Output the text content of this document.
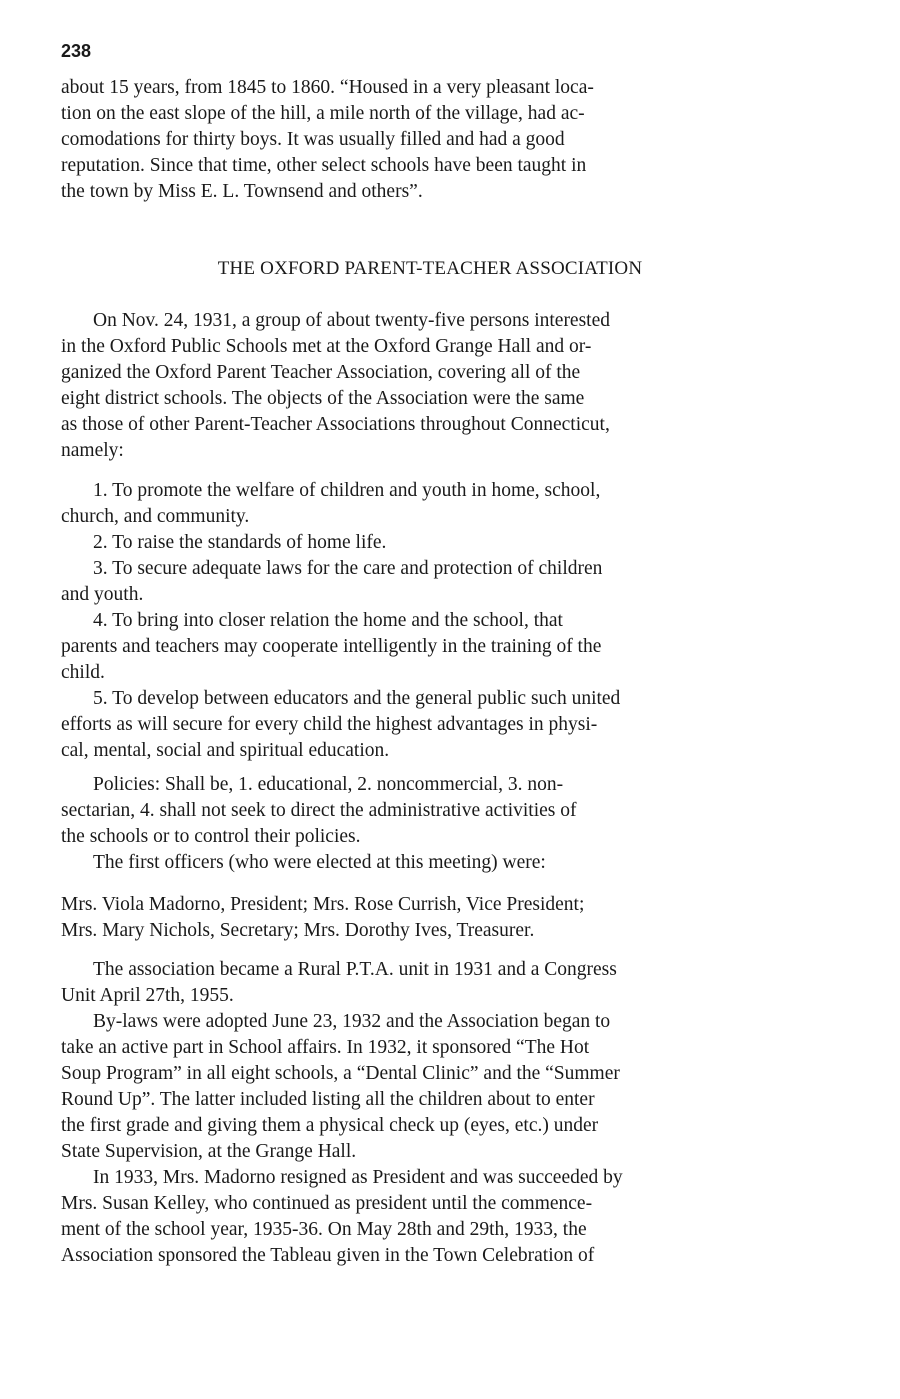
238

about 15 years, from 1845 to 1860. “Housed in a very pleasant loca-
tion on the east slope of the hill, a mile north of the village, had ac-
comodations for thirty boys. It was usually filled and had a good
reputation. Since that time, other select schools have been taught in
the town by Miss E. L. Townsend and others”.

THE OXFORD PARENT-TEACHER ASSOCIATION

On Nov. 24, 1931, a group of about twenty-five persons interested
in the Oxford Public Schools met at the Oxford Grange Hall and or-
ganized the Oxford Parent Teacher Association, covering all of the
eight district schools. The objects of the Association were the same
as those of other Parent-Teacher Associations throughout Connecticut,
namely:

1. To promote the welfare of children and youth in home, school,
church, and community.
2. To raise the standards of home life.
3. To secure adequate laws for the care and protection of children
and youth.
4. To bring into closer relation the home and the school, that
parents and teachers may cooperate intelligently in the training of the
child.
5. To develop between educators and the general public such united
efforts as will secure for every child the highest advantages in physi-
cal, mental, social and spiritual education.

Policies: Shall be, 1. educational, 2. noncommercial, 3. non-
sectarian, 4. shall not seek to direct the administrative activities of
the schools or to control their policies.
The first officers (who were elected at this meeting) were:

Mrs. Viola Madorno, President; Mrs. Rose Currish, Vice President;
Mrs. Mary Nichols, Secretary; Mrs. Dorothy Ives, Treasurer.

The association became a Rural P.T.A. unit in 1931 and a Congress
Unit April 27th, 1955.
By-laws were adopted June 23, 1932 and the Association began to
take an active part in School affairs. In 1932, it sponsored “The Hot
Soup Program” in all eight schools, a “Dental Clinic” and the “Summer
Round Up”. The latter included listing all the children about to enter
the first grade and giving them a physical check up (eyes, etc.) under
State Supervision, at the Grange Hall.
In 1933, Mrs. Madorno resigned as President and was succeeded by
Mrs. Susan Kelley, who continued as president until the commence-
ment of the school year, 1935-36. On May 28th and 29th, 1933, the
Association sponsored the Tableau given in the Town Celebration of
